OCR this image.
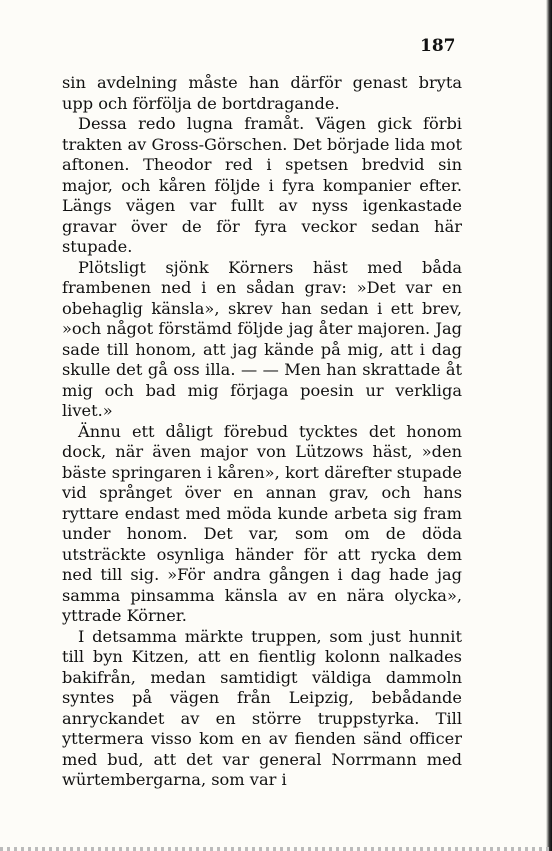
187

sin avdelning måste han därför genast bryta upp och förfölja de bortdragande.

Dessa redo lugna framåt. Vägen gick förbi trakten av Gross-Görschen. Det började lida mot aftonen. Theodor red i spetsen bredvid sin major, och kåren följde i fyra kompanier efter. Längs vägen var fullt av nyss igenkastade gravar över de för fyra veckor sedan här stupade.

Plötsligt sjönk Körners häst med båda frambenen ned i en sådan grav: »Det var en obehaglig känsla», skrev han sedan i ett brev, »och något förstämd följde jag åter majoren. Jag sade till honom, att jag kände på mig, att i dag skulle det gå oss illa. — — Men han skrattade åt mig och bad mig förjaga poesin ur verkliga livet.»

Ännu ett dåligt förebud tycktes det honom dock, när även major von Lützows häst, »den bäste springaren i kåren», kort därefter stupade vid språnget över en annan grav, och hans ryttare endast med möda kunde arbeta sig fram under honom. Det var, som om de döda utsträckte osynliga händer för att rycka dem ned till sig. »För andra gången i dag hade jag samma pinsamma känsla av en nära olycka», yttrade Körner.

I detsamma märkte truppen, som just hunnit till byn Kitzen, att en fientlig kolonn nalkades bakifrån, medan samtidigt väldiga dammoln syntes på vägen från Leipzig, bebådande anryckandet av en större truppstyrka. Till yttermera visso kom en av fienden sänd officer med bud, att det var general Norrmann med würtembergarna, som var i
